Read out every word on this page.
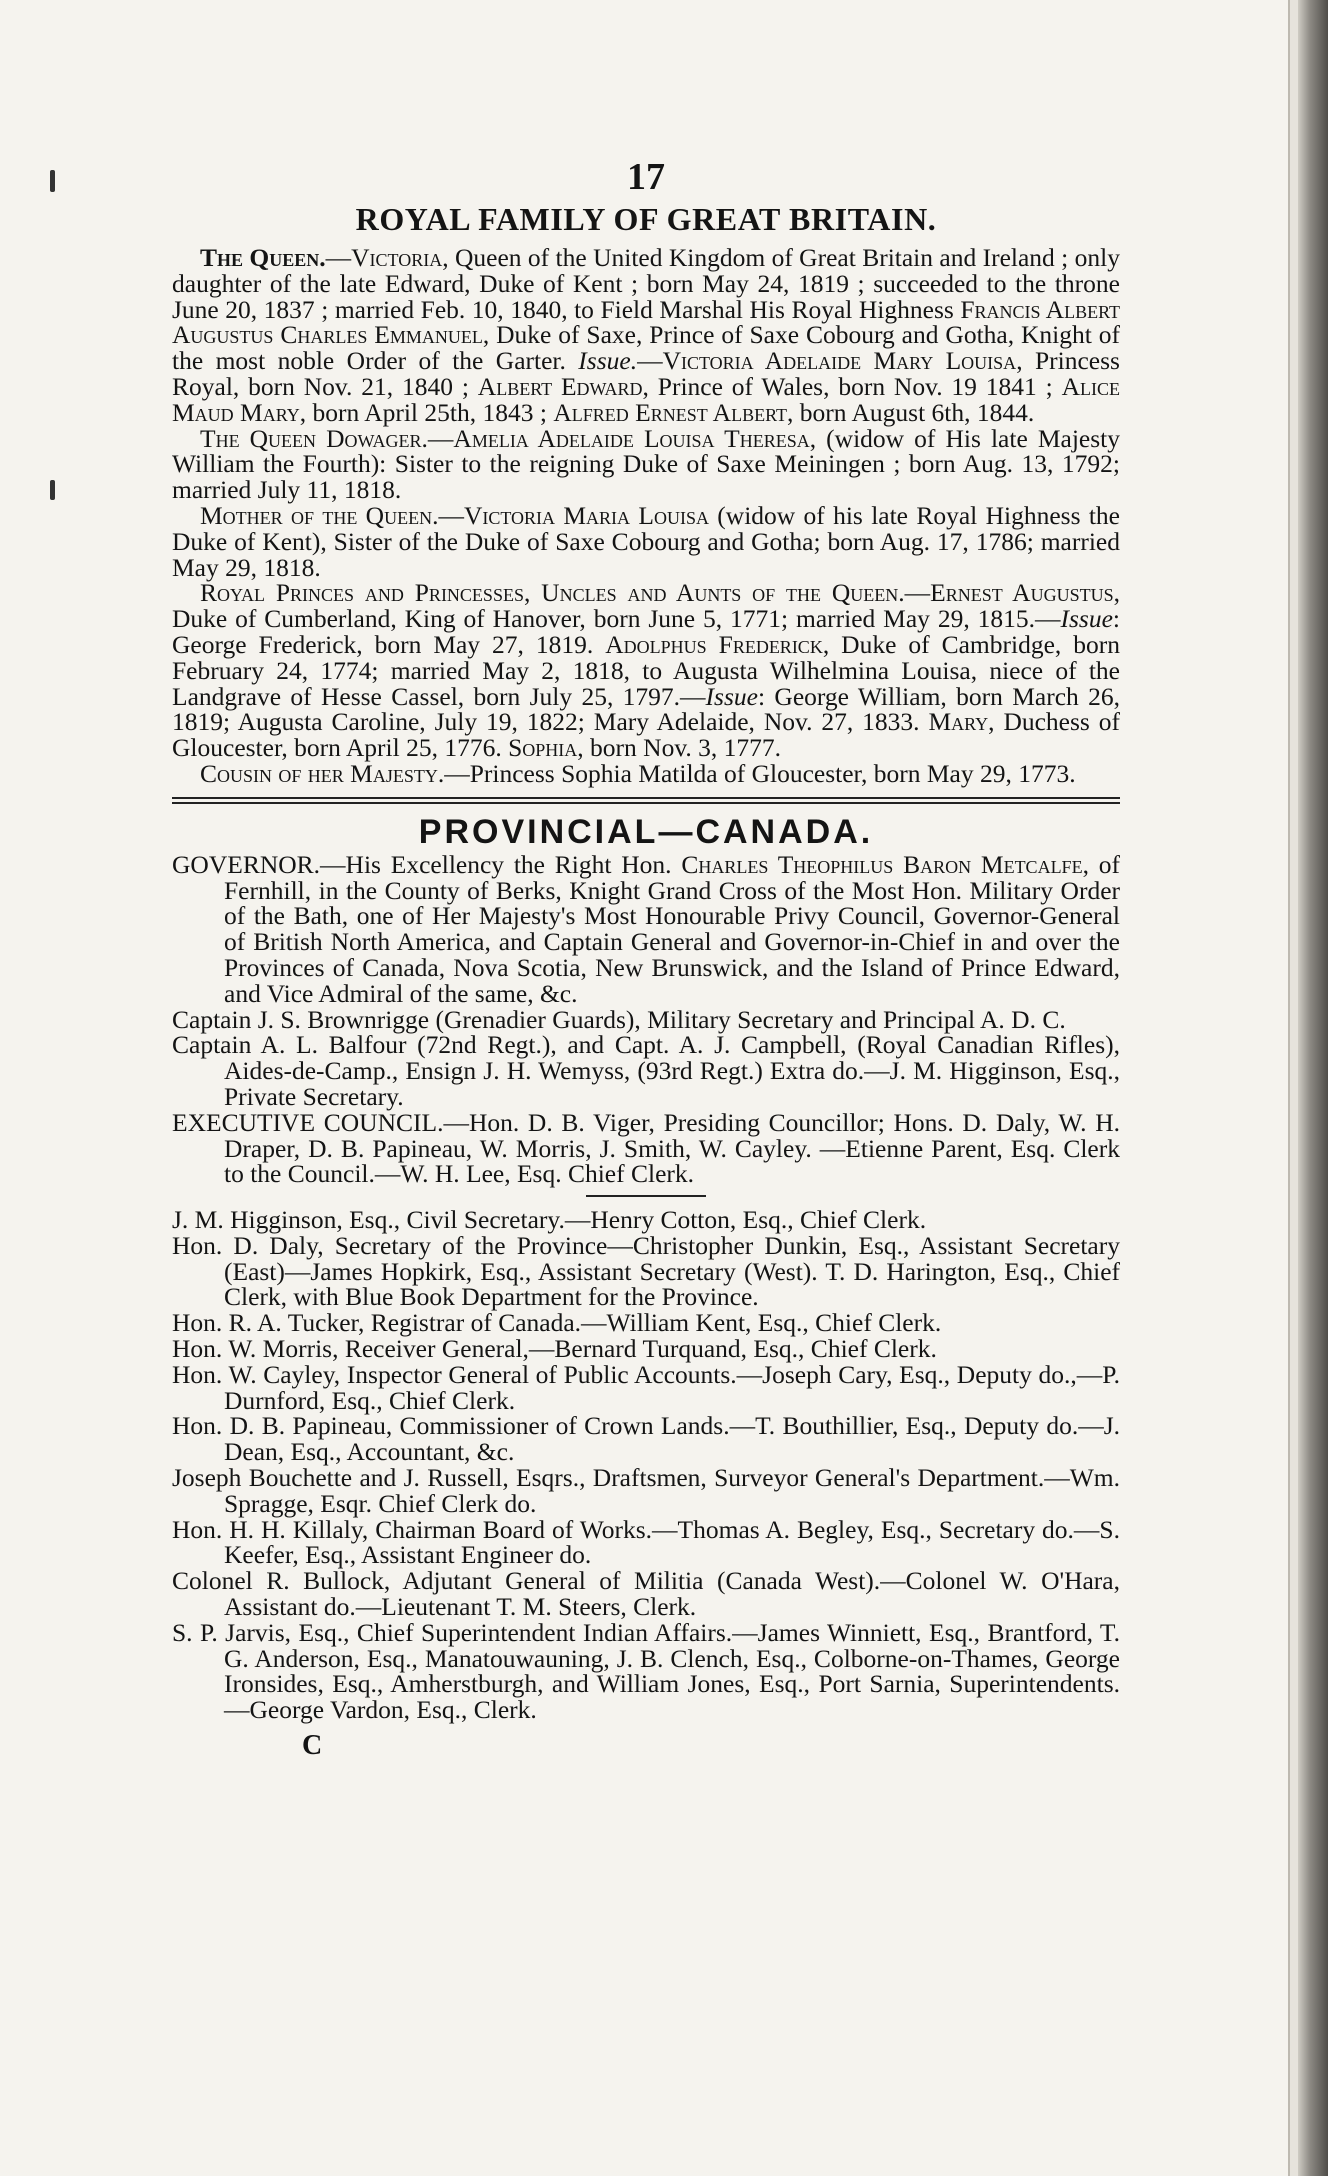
17
ROYAL FAMILY OF GREAT BRITAIN.

The Queen.—Victoria, Queen of the United Kingdom of Great Britain and Ireland ; only daughter of the late Edward, Duke of Kent ; born May 24, 1819 ; succeeded to the throne June 20, 1837 ; married Feb. 10, 1840, to Field Marshal His Royal Highness Francis Albert Augustus Charles Emmanuel, Duke of Saxe, Prince of Saxe Cobourg and Gotha, Knight of the most noble Order of the Garter. Issue.—Victoria Adelaide Mary Louisa, Princess Royal, born Nov. 21, 1840 ; Albert Edward, Prince of Wales, born Nov. 19 1841 ; Alice Maud Mary, born April 25th, 1843 ; Alfred Ernest Albert, born August 6th, 1844.

The Queen Dowager.—Amelia Adelaide Louisa Theresa, (widow of His late Majesty William the Fourth): Sister to the reigning Duke of Saxe Meiningen ; born Aug. 13, 1792; married July 11, 1818.

Mother of the Queen.—Victoria Maria Louisa (widow of his late Royal Highness the Duke of Kent), Sister of the Duke of Saxe Cobourg and Gotha; born Aug. 17, 1786; married May 29, 1818.

Royal Princes and Princesses, Uncles and Aunts of the Queen.—Ernest Augustus, Duke of Cumberland, King of Hanover, born June 5, 1771; married May 29, 1815.—Issue: George Frederick, born May 27, 1819. Adolphus Frederick, Duke of Cambridge, born February 24, 1774; married May 2, 1818, to Augusta Wilhelmina Louisa, niece of the Landgrave of Hesse Cassel, born July 25, 1797.—Issue: George William, born March 26, 1819; Augusta Caroline, July 19, 1822; Mary Adelaide, Nov. 27, 1833. Mary, Duchess of Gloucester, born April 25, 1776. Sophia, born Nov. 3, 1777.

Cousin of her Majesty.—Princess Sophia Matilda of Gloucester, born May 29, 1773.

PROVINCIAL—CANADA.

GOVERNOR.—His Excellency the Right Hon. Charles Theophilus Baron Metcalfe, of Fernhill, in the County of Berks, Knight Grand Cross of the Most Hon. Military Order of the Bath, one of Her Majesty's Most Honourable Privy Council, Governor-General of British North America, and Captain General and Governor-in-Chief in and over the Provinces of Canada, Nova Scotia, New Brunswick, and the Island of Prince Edward, and Vice Admiral of the same, &c.

Captain J. S. Brownrigge (Grenadier Guards), Military Secretary and Principal A. D. C.

Captain A. L. Balfour (72nd Regt.), and Capt. A. J. Campbell, (Royal Canadian Rifles), Aides-de-Camp., Ensign J. H. Wemyss, (93rd Regt.) Extra do.—J. M. Higginson, Esq., Private Secretary.

EXECUTIVE COUNCIL.—Hon. D. B. Viger, Presiding Councillor; Hons. D. Daly, W. H. Draper, D. B. Papineau, W. Morris, J. Smith, W. Cayley. —Etienne Parent, Esq. Clerk to the Council.—W. H. Lee, Esq. Chief Clerk.

J. M. Higginson, Esq., Civil Secretary.—Henry Cotton, Esq., Chief Clerk.

Hon. D. Daly, Secretary of the Province—Christopher Dunkin, Esq., Assistant Secretary (East)—James Hopkirk, Esq., Assistant Secretary (West). T. D. Harington, Esq., Chief Clerk, with Blue Book Department for the Province.

Hon. R. A. Tucker, Registrar of Canada.—William Kent, Esq., Chief Clerk.

Hon. W. Morris, Receiver General,—Bernard Turquand, Esq., Chief Clerk.

Hon. W. Cayley, Inspector General of Public Accounts.—Joseph Cary, Esq., Deputy do.,—P. Durnford, Esq., Chief Clerk.

Hon. D. B. Papineau, Commissioner of Crown Lands.—T. Bouthillier, Esq., Deputy do.—J. Dean, Esq., Accountant, &c.

Joseph Bouchette and J. Russell, Esqrs., Draftsmen, Surveyor General's Department.—Wm. Spragge, Esqr. Chief Clerk do.

Hon. H. H. Killaly, Chairman Board of Works.—Thomas A. Begley, Esq., Secretary do.—S. Keefer, Esq., Assistant Engineer do.

Colonel R. Bullock, Adjutant General of Militia (Canada West).—Colonel W. O'Hara, Assistant do.—Lieutenant T. M. Steers, Clerk.

S. P. Jarvis, Esq., Chief Superintendent Indian Affairs.—James Winniett, Esq., Brantford, T. G. Anderson, Esq., Manatouwauning, J. B. Clench, Esq., Colborne-on-Thames, George Ironsides, Esq., Amherstburgh, and William Jones, Esq., Port Sarnia, Superintendents.—George Vardon, Esq., Clerk.

C
